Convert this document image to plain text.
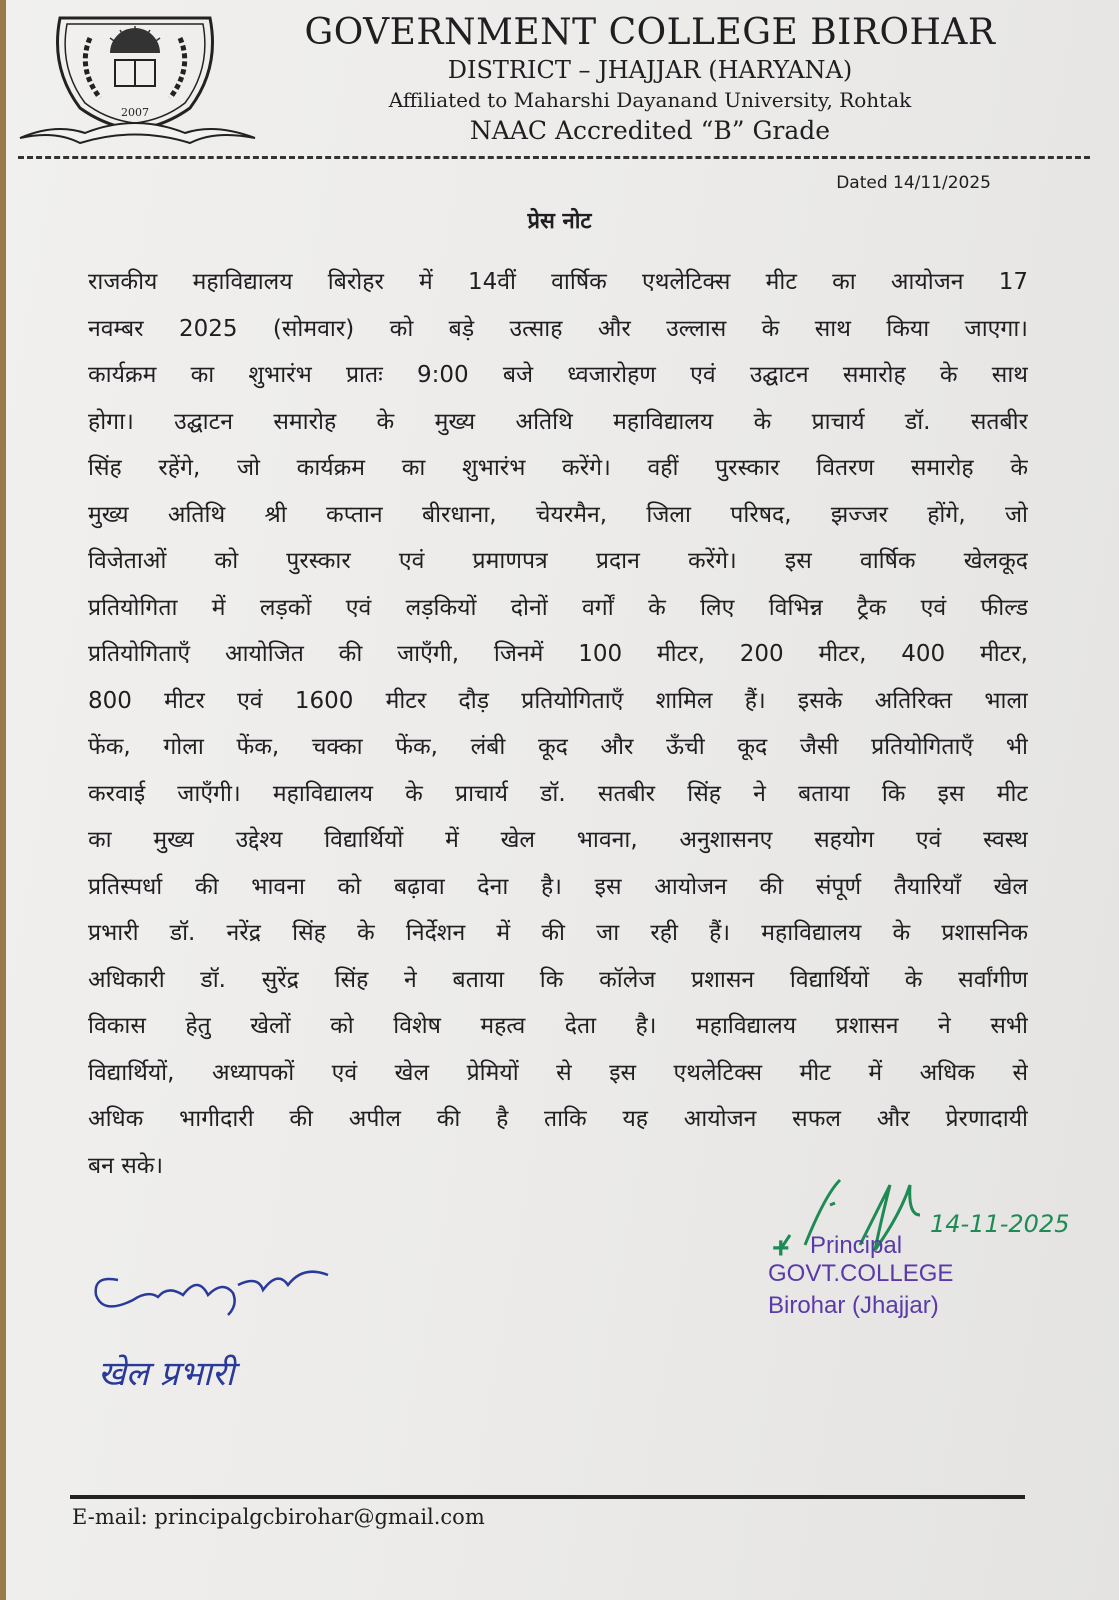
2007
GOVERNMENT COLLEGE BIROHAR
DISTRICT – JHAJJAR (HARYANA)
Affiliated to Maharshi Dayanand University, Rohtak
NAAC Accredited “B” Grade
Dated 14/11/2025
प्रेस नोट
राजकीय महाविद्यालय बिरोहर में 14वीं वार्षिक एथलेटिक्स मीट का आयोजन 17
नवम्बर 2025 (सोमवार) को बड़े उत्साह और उल्लास के साथ किया जाएगा।
कार्यक्रम का शुभारंभ प्रातः 9:00 बजे ध्वजारोहण एवं उद्घाटन समारोह के साथ
होगा। उद्घाटन समारोह के मुख्य अतिथि महाविद्यालय के प्राचार्य डॉ. सतबीर
सिंह रहेंगे, जो कार्यक्रम का शुभारंभ करेंगे। वहीं पुरस्कार वितरण समारोह के
मुख्य अतिथि श्री कप्तान बीरधाना, चेयरमैन, जिला परिषद, झज्जर होंगे, जो
विजेताओं को पुरस्कार एवं प्रमाणपत्र प्रदान करेंगे। इस वार्षिक खेलकूद
प्रतियोगिता में लड़कों एवं लड़कियों दोनों वर्गों के लिए विभिन्न ट्रैक एवं फील्ड
प्रतियोगिताएँ आयोजित की जाएँगी, जिनमें 100 मीटर, 200 मीटर, 400 मीटर,
800 मीटर एवं 1600 मीटर दौड़ प्रतियोगिताएँ शामिल हैं। इसके अतिरिक्त भाला
फेंक, गोला फेंक, चक्का फेंक, लंबी कूद और ऊँची कूद जैसी प्रतियोगिताएँ भी
करवाई जाएँगी। महाविद्यालय के प्राचार्य डॉ. सतबीर सिंह ने बताया कि इस मीट
का मुख्य उद्देश्य विद्यार्थियों में खेल भावना, अनुशासनए सहयोग एवं स्वस्थ
प्रतिस्पर्धा की भावना को बढ़ावा देना है। इस आयोजन की संपूर्ण तैयारियाँ खेल
प्रभारी डॉ. नरेंद्र सिंह के निर्देशन में की जा रही हैं। महाविद्यालय के प्रशासनिक
अधिकारी डॉ. सुरेंद्र सिंह ने बताया कि कॉलेज प्रशासन विद्यार्थियों के सर्वांगीण
विकास हेतु खेलों को विशेष महत्व देता है। महाविद्यालय प्रशासन ने सभी
विद्यार्थियों, अध्यापकों एवं खेल प्रेमियों से इस एथलेटिक्स मीट में अधिक से
अधिक भागीदारी की अपील की है ताकि यह आयोजन सफल और प्रेरणादायी
बन सके।
14-11-2025
+ Principal
GOVT.COLLEGE
Birohar (Jhajjar)
खेल प्रभारी
E-mail: principalgcbirohar@gmail.com
